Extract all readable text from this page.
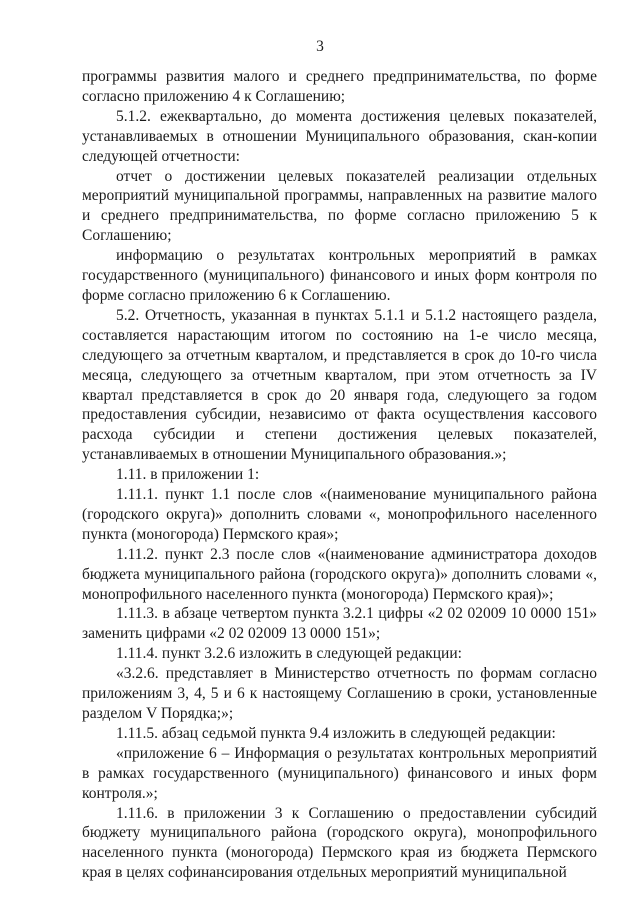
3

программы развития малого и среднего предпринимательства, по форме согласно приложению 4 к Соглашению;

5.1.2. ежеквартально, до момента достижения целевых показателей, устанавливаемых в отношении Муниципального образования, скан-копии следующей отчетности:

отчет о достижении целевых показателей реализации отдельных мероприятий муниципальной программы, направленных на развитие малого и среднего предпринимательства, по форме согласно приложению 5 к Соглашению;

информацию о результатах контрольных мероприятий в рамках государственного (муниципального) финансового и иных форм контроля по форме согласно приложению 6 к Соглашению.

5.2. Отчетность, указанная в пунктах 5.1.1 и 5.1.2 настоящего раздела, составляется нарастающим итогом по состоянию на 1-е число месяца, следующего за отчетным кварталом, и представляется в срок до 10-го числа месяца, следующего за отчетным кварталом, при этом отчетность за IV квартал представляется в срок до 20 января года, следующего за годом предоставления субсидии, независимо от факта осуществления кассового расхода субсидии и степени достижения целевых показателей, устанавливаемых в отношении Муниципального образования.»;

1.11. в приложении 1:

1.11.1. пункт 1.1 после слов «(наименование муниципального района (городского округа)» дополнить словами «, монопрофильного населенного пункта (моногорода) Пермского края»;

1.11.2. пункт 2.3 после слов «(наименование администратора доходов бюджета муниципального района (городского округа)» дополнить словами «, монопрофильного населенного пункта (моногорода) Пермского края)»;

1.11.3. в абзаце четвертом пункта 3.2.1 цифры «2 02 02009 10 0000 151» заменить цифрами «2 02 02009 13 0000 151»;

1.11.4. пункт 3.2.6 изложить в следующей редакции:

«3.2.6. представляет в Министерство отчетность по формам согласно приложениям 3, 4, 5 и 6 к настоящему Соглашению в сроки, установленные разделом V Порядка;»;

1.11.5. абзац седьмой пункта 9.4 изложить в следующей редакции:

«приложение 6 – Информация о результатах контрольных мероприятий в рамках государственного (муниципального) финансового и иных форм контроля.»;

1.11.6. в приложении 3 к Соглашению о предоставлении субсидий бюджету муниципального района (городского округа), монопрофильного населенного пункта (моногорода) Пермского края из бюджета Пермского края в целях софинансирования отдельных мероприятий муниципальной
